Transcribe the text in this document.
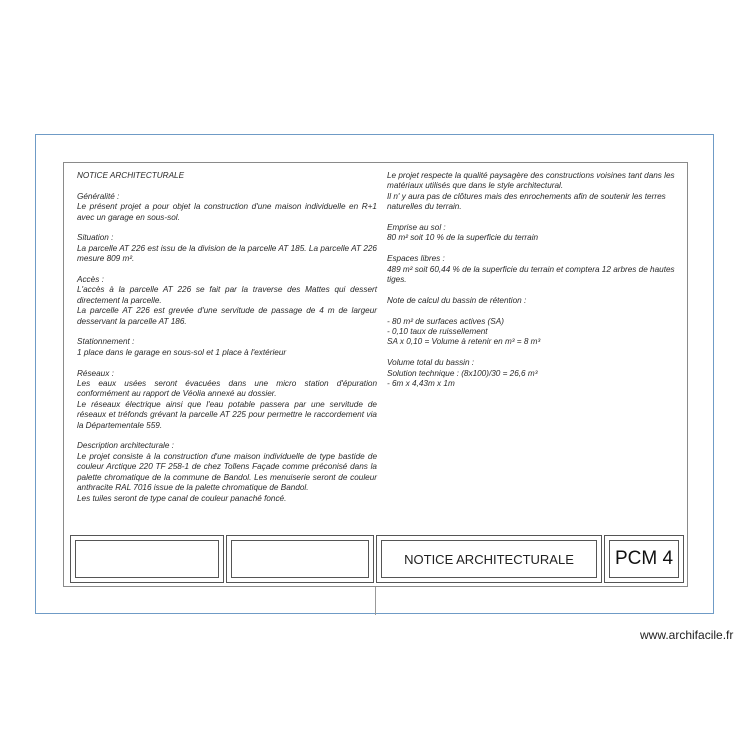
NOTICE ARCHITECTURALE

Généralité :

Le présent projet a pour objet la construction d'une maison individuelle en R+1 avec un garage en sous-sol.

Situation :

La parcelle AT 226 est issu de la division de la parcelle AT 185. La parcelle AT 226 mesure 809 m².

Accès :

L'accès à la parcelle AT 226 se fait par la traverse des Mattes qui dessert directement la parcelle.

La parcelle AT 226 est grevée d'une servitude de passage de 4 m de largeur desservant la parcelle AT 186.

Stationnement :

1 place dans le garage en sous-sol et 1 place à l'extérieur

Réseaux :

Les eaux usées seront évacuées dans une micro station d'épuration conformément au rapport de Véolia annexé au dossier.

Le réseaux électrique ainsi que l'eau potable passera par une servitude de réseaux et tréfonds grévant la parcelle AT 225 pour permettre le raccordement via la Départementale 559.

Description architecturale :

Le projet consiste à la construction d'une maison individuelle de type bastide de couleur Arctique 220 TF 258-1 de chez Tollens Façade comme préconisé dans la palette chromatique de la commune de Bandol. Les menuiserie seront de couleur anthracite RAL 7016 issue de la palette chromatique de Bandol.

Les tuiles seront de type canal de couleur panaché foncé.

Le projet respecte la qualité paysagère des constructions voisines tant dans les matériaux utilisés que dans le style architectural.

Il n' y aura pas de clôtures mais des enrochements afin de soutenir les terres naturelles du terrain.

Emprise au sol :

80 m² soit 10 % de la superficie du terrain

Espaces libres :

489 m² soit 60,44 % de la superficie du terrain et comptera 12 arbres de hautes tiges.

Note de calcul du bassin de rétention :

- 80 m² de surfaces actives (SA)

- 0,10 taux de ruissellement

SA x 0,10 = Volume à retenir en m³ = 8 m³

Volume total du bassin :

Solution technique : (8x100)/30 = 26,6 m³

- 6m x 4,43m x 1m

NOTICE ARCHITECTURALE PCM 4
www.archifacile.fr
